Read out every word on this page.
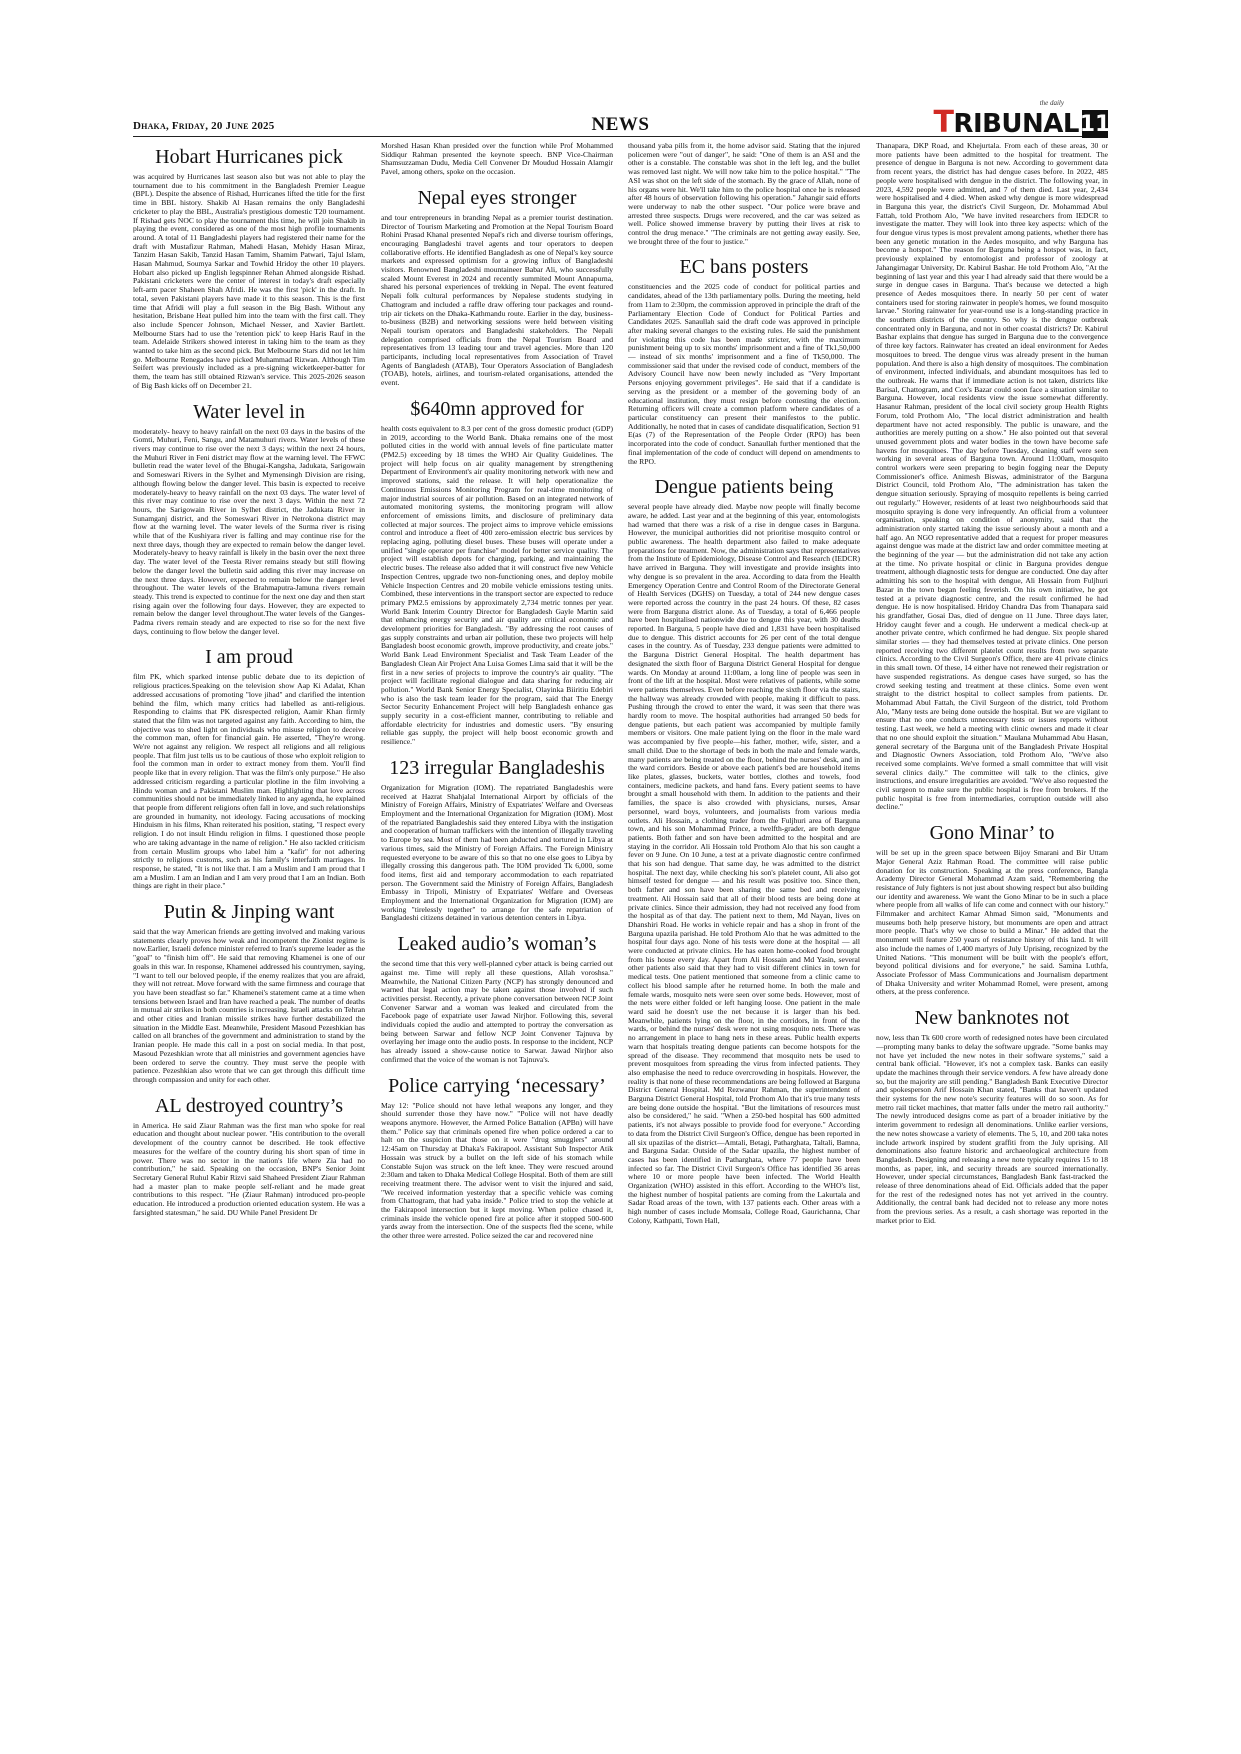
Dhaka, Friday, 20 June 2025	NEWS
the daily
TRIBUNAL 11
Hobart Hurricanes pick

was acquired by Hurricanes last season also but was not able to play the tournament due to his commitment in the Bangladesh Premier League (BPL). Despite the absence of Rishad, Hurricanes lifted the title for the first time in BBL history. Shakib Al Hasan remains the only Bangladeshi cricketer to play the BBL, Australia's prestigious domestic T20 tournament. If Rishad gets NOC to play the tournament this time, he will join Shakib in playing the event, considered as one of the most high profile tournaments around. A total of 11 Bangladeshi players had registered their name for the draft with Mustafizur Rahman, Mahedi Hasan, Mehidy Hasan Miraz, Tanzim Hasan Sakib, Tanzid Hasan Tamim, Shamim Patwari, Tajul Islam, Hasan Mahmud, Soumya Sarkar and Towhid Hridoy the other 10 players. Hobart also picked up English legspinner Rehan Ahmed alongside Rishad. Pakistani cricketers were the center of interest in today's draft especially left-arm pacer Shaheen Shah Afridi. He was the first 'pick' in the draft. In total, seven Pakistani players have made it to this season. This is the first time that Afridi will play a full season in the Big Bash. Without any hesitation, Brisbane Heat pulled him into the team with the first call. They also include Spencer Johnson, Michael Nesser, and Xavier Bartlett. Melbourne Stars had to use the 'retention pick' to keep Haris Rauf in the team. Adelaide Strikers showed interest in taking him to the team as they wanted to take him as the second pick. But Melbourne Stars did not let him go. Melbourne Renegades have picked Muhammad Rizwan. Although Tim Seifert was previously included as a pre-signing wicketkeeper-batter for them, the team has still obtained Rizwan's service. This 2025-2026 season of Big Bash kicks off on December 21.

Water level in

moderately- heavy to heavy rainfall on the next 03 days in the basins of the Gomti, Muhuri, Feni, Sangu, and Matamuhuri rivers. Water levels of these rivers may continue to rise over the next 3 days; within the next 24 hours, the Muhuri River in Feni district may flow at the warning level. The FFWC bulletin read the water level of the Bhugai-Kangsha, Jadukata, Sarigowain and Someswari Rivers in the Sylhet and Mymensingh Division are rising, although flowing below the danger level. This basin is expected to receive moderately-heavy to heavy rainfall on the next 03 days. The water level of this river may continue to rise over the next 3 days. Within the next 72 hours, the Sarigowain River in Sylhet district, the Jadukata River in Sunamganj district, and the Someswari River in Netrokona district may flow at the warning level. The water levels of the Surma river is rising while that of the Kushiyara river is falling and may continue rise for the next three days, though they are expected to remain below the danger level. Moderately-heavy to heavy rainfall is likely in the basin over the next three day. The water level of the Teesta River remains steady but still flowing below the danger level the bulletin said adding this river may increase on the next three days. However, expected to remain below the danger level throughout. The water levels of the Brahmaputra-Jamuna rivers remain steady. This trend is expected to continue for the next one day and then start rising again over the following four days. However, they are expected to remain below the danger level throughout.The water levels of the Ganges-Padma rivers remain steady and are expected to rise so for the next five days, continuing to flow below the danger level.

I am proud

film PK, which sparked intense public debate due to its depiction of religious practices.Speaking on the television show Aap Ki Adalat, Khan addressed accusations of promoting "love jihad" and clarified the intention behind the film, which many critics had labelled as anti-religious. Responding to claims that PK disrespected religion, Aamir Khan firmly stated that the film was not targeted against any faith. According to him, the objective was to shed light on individuals who misuse religion to deceive the common man, often for financial gain. He asserted, "They're wrong. We're not against any religion. We respect all religions and all religious people. That film just tells us to be cautious of those who exploit religion to fool the common man in order to extract money from them. You'll find people like that in every religion. That was the film's only purpose." He also addressed criticism regarding a particular plotline in the film involving a Hindu woman and a Pakistani Muslim man. Highlighting that love across communities should not be immediately linked to any agenda, he explained that people from different religions often fall in love, and such relationships are grounded in humanity, not ideology. Facing accusations of mocking Hinduism in his films, Khan reiterated his position, stating, "I respect every religion. I do not insult Hindu religion in films. I questioned those people who are taking advantage in the name of religion." He also tackled criticism from certain Muslim groups who label him a "kafir" for not adhering strictly to religious customs, such as his family's interfaith marriages. In response, he stated, "It is not like that. I am a Muslim and I am proud that I am a Muslim. I am an Indian and I am very proud that I am an Indian. Both things are right in their place."

Putin & Jinping want

said that the way American friends are getting involved and making various statements clearly proves how weak and incompetent the Zionist regime is now.Earlier, Israeli defence minister referred to Iran's supreme leader as the "goal" to "finish him off". He said that removing Khamenei is one of our goals in this war. In response, Khamenei addressed his countrymen, saying, "I want to tell our beloved people, if the enemy realizes that you are afraid, they will not retreat. Move forward with the same firmness and courage that you have been steadfast so far." Khamenei's statement came at a time when tensions between Israel and Iran have reached a peak. The number of deaths in mutual air strikes in both countries is increasing. Israeli attacks on Tehran and other cities and Iranian missile strikes have further destabilized the situation in the Middle East. Meanwhile, President Masoud Pezeshkian has called on all branches of the government and administration to stand by the Iranian people. He made this call in a post on social media. In that post, Masoud Pezeshkian wrote that all ministries and government agencies have been ordered to serve the country. They must serve the people with patience. Pezeshkian also wrote that we can get through this difficult time through compassion and unity for each other.

AL destroyed country’s

in America. He said Ziaur Rahman was the first man who spoke for real education and thought about nuclear power. "His contribution to the overall development of the country cannot be described. He took effective measures for the welfare of the country during his short span of time in power. There was no sector in the nation's life where Zia had no contribution," he said. Speaking on the occasion, BNP's Senior Joint Secretary General Ruhul Kabir Rizvi said Shaheed President Ziaur Rahman had a master plan to make people self-reliant and he made great contributions to this respect. "He (Ziaur Rahman) introduced pro-people education. He introduced a production oriented education system. He was a farsighted statesman," he said. DU While Panel President Dr

Morshed Hasan Khan presided over the function while Prof Mohammed Siddiqur Rahman presented the keynote speech. BNP Vice-Chairman Shamsuzzaman Dudu, Media Cell Convener Dr Moudud Hossain Alamgir Pavel, among others, spoke on the occasion.

Nepal eyes stronger

and tour entrepreneurs in branding Nepal as a premier tourist destination. Director of Tourism Marketing and Promotion at the Nepal Tourism Board Rohini Prasad Khanal presented Nepal's rich and diverse tourism offerings, encouraging Bangladeshi travel agents and tour operators to deepen collaborative efforts. He identified Bangladesh as one of Nepal's key source markets and expressed optimism for a growing influx of Bangladeshi visitors. Renowned Bangladeshi mountaineer Babar Ali, who successfully scaled Mount Everest in 2024 and recently summited Mount Annapurna, shared his personal experiences of trekking in Nepal. The event featured Nepali folk cultural performances by Nepalese students studying in Chattogram and included a raffle draw offering tour packages and round-trip air tickets on the Dhaka-Kathmandu route. Earlier in the day, business-to-business (B2B) and networking sessions were held between visiting Nepali tourism operators and Bangladeshi stakeholders. The Nepali delegation comprised officials from the Nepal Tourism Board and representatives from 13 leading tour and travel agencies. More than 120 participants, including local representatives from Association of Travel Agents of Bangladesh (ATAB), Tour Operators Association of Bangladesh (TOAB), hotels, airlines, and tourism-related organisations, attended the event.

$640mn approved for

health costs equivalent to 8.3 per cent of the gross domestic product (GDP) in 2019, according to the World Bank. Dhaka remains one of the most polluted cities in the world with annual levels of fine particulate matter (PM2.5) exceeding by 18 times the WHO Air Quality Guidelines. The project will help focus on air quality management by strengthening Department of Environment's air quality monitoring network with new and improved stations, said the release. It will help operationalize the Continuous Emissions Monitoring Program for real-time monitoring of major industrial sources of air pollution. Based on an integrated network of automated monitoring systems, the monitoring program will allow enforcement of emissions limits, and disclosure of preliminary data collected at major sources. The project aims to improve vehicle emissions control and introduce a fleet of 400 zero-emission electric bus services by replacing aging, polluting diesel buses. These buses will operate under a unified "single operator per franchise" model for better service quality. The project will establish depots for charging, parking, and maintaining the electric buses. The release also added that it will construct five new Vehicle Inspection Centres, upgrade two non-functioning ones, and deploy mobile Vehicle Inspection Centres and 20 mobile vehicle emissions testing units. Combined, these interventions in the transport sector are expected to reduce primary PM2.5 emissions by approximately 2,734 metric tonnes per year. World Bank Interim Country Director for Bangladesh Gayle Martin said that enhancing energy security and air quality are critical economic and development priorities for Bangladesh. "By addressing the root causes of gas supply constraints and urban air pollution, these two projects will help Bangladesh boost economic growth, improve productivity, and create jobs." World Bank Lead Environment Specialist and Task Team Leader of the Bangladesh Clean Air Project Ana Luisa Gomes Lima said that it will be the first in a new series of projects to improve the country's air quality. "The project will facilitate regional dialogue and data sharing for reducing air pollution." World Bank Senior Energy Specialist, Olayinka Biiritiu Edebiri who is also the task team leader for the program, said that The Energy Sector Security Enhancement Project will help Bangladesh enhance gas supply security in a cost-efficient manner, contributing to reliable and affordable electricity for industries and domestic users. "By ensuring reliable gas supply, the project will help boost economic growth and resilience."

123 irregular Bangladeshis

Organization for Migration (IOM). The repatriated Bangladeshis were received at Hazrat Shahjalal International Airport by officials of the Ministry of Foreign Affairs, Ministry of Expatriates' Welfare and Overseas Employment and the International Organization for Migration (IOM). Most of the repatriated Bangladeshis said they entered Libya with the instigation and cooperation of human traffickers with the intention of illegally traveling to Europe by sea. Most of them had been abducted and tortured in Libya at various times, said the Ministry of Foreign Affairs. The Foreign Ministry requested everyone to be aware of this so that no one else goes to Libya by illegally crossing this dangerous path. The IOM provided Tk 6,000, some food items, first aid and temporary accommodation to each repatriated person. The Government said the Ministry of Foreign Affairs, Bangladesh Embassy in Tripoli, Ministry of Expatriates' Welfare and Overseas Employment and the International Organization for Migration (IOM) are working "tirelessly together" to arrange for the safe repatriation of Bangladeshi citizens detained in various detention centers in Libya.

Leaked audio’s woman’s

the second time that this very well-planned cyber attack is being carried out against me. Time will reply all these questions, Allah voroshsa." Meanwhile, the National Citizen Party (NCP) has strongly denounced and warned that legal action may be taken against those involved if such activities persist. Recently, a private phone conversation between NCP Joint Convener Sarwar and a woman was leaked and circulated from the Facebook page of expatriate user Jawad Nirjhor. Following this, several individuals copied the audio and attempted to portray the conversation as being between Sarwar and fellow NCP Joint Convener Tajnuva by overlaying her image onto the audio posts. In response to the incident, NCP has already issued a show-cause notice to Sarwar. Jawad Nirjhor also confirmed that the voice of the woman is not Tajnuva's.

Police carrying ‘necessary’

May 12: "Police should not have lethal weapons any longer, and they should surrender those they have now." "Police will not have deadly weapons anymore. However, the Armed Police Battalion (APBn) will have them." Police say that criminals opened fire when police ordered a car to halt on the suspicion that those on it were "drug smugglers" around 12:45am on Thursday at Dhaka's Fakirapool. Assistant Sub Inspector Atik Hossain was struck by a bullet on the left side of his stomach while Constable Sujon was struck on the left knee. They were rescued around 2:30am and taken to Dhaka Medical College Hospital. Both of them are still receiving treatment there. The advisor went to visit the injured and said, "We received information yesterday that a specific vehicle was coming from Chattogram, that had yaba inside." Police tried to stop the vehicle at the Fakirapool intersection but it kept moving. When police chased it, criminals inside the vehicle opened fire at police after it stopped 500-600 yards away from the intersection. One of the suspects fled the scene, while the other three were arrested. Police seized the car and recovered nine

thousand yaba pills from it, the home advisor said. Stating that the injured policemen were "out of danger", he said: "One of them is an ASI and the other is a constable. The constable was shot in the left leg, and the bullet was removed last night. We will now take him to the police hospital." "The ASI was shot on the left side of the stomach. By the grace of Allah, none of his organs were hit. We'll take him to the police hospital once he is released after 48 hours of observation following his operation." Jahangir said efforts were underway to nab the other suspect. "Our police were brave and arrested three suspects. Drugs were recovered, and the car was seized as well. Police showed immense bravery by putting their lives at risk to control the drug menace." "The criminals are not getting away easily. See, we brought three of the four to justice."

EC bans posters

constituencies and the 2025 code of conduct for political parties and candidates, ahead of the 13th parliamentary polls. During the meeting, held from 11am to 2:30pm, the commission approved in principle the draft of the Parliamentary Election Code of Conduct for Political Parties and Candidates 2025. Sanaullah said the draft code was approved in principle after making several changes to the existing rules. He said the punishment for violating this code has been made stricter, with the maximum punishment being up to six months' imprisonment and a fine of Tk1,50,000 — instead of six months' imprisonment and a fine of Tk50,000. The commissioner said that under the revised code of conduct, members of the Advisory Council have now been newly included as "Very Important Persons enjoying government privileges". He said that if a candidate is serving as the president or a member of the governing body of an educational institution, they must resign before contesting the election. Returning officers will create a common platform where candidates of a particular constituency can present their manifestos to the public. Additionally, he noted that in cases of candidate disqualification, Section 91 E(as (7) of the Representation of the People Order (RPO) has been incorporated into the code of conduct. Sanaullah further mentioned that the final implementation of the code of conduct will depend on amendments to the RPO.

Dengue patients being

several people have already died. Maybe now people will finally become aware, he added. Last year and at the beginning of this year, entomologists had warned that there was a risk of a rise in dengue cases in Barguna. However, the municipal authorities did not prioritise mosquito control or public awareness. The health department also failed to make adequate preparations for treatment. Now, the administration says that representatives from the Institute of Epidemiology, Disease Control and Research (IEDCR) have arrived in Barguna. They will investigate and provide insights into why dengue is so prevalent in the area. According to data from the Health Emergency Operation Centre and Control Room of the Directorate General of Health Services (DGHS) on Tuesday, a total of 244 new dengue cases were reported across the country in the past 24 hours. Of these, 82 cases were from Barguna district alone. As of Tuesday, a total of 6,466 people have been hospitalised nationwide due to dengue this year, with 30 deaths reported. In Barguna, 5 people have died and 1,831 have been hospitalised due to dengue. This district accounts for 26 per cent of the total dengue cases in the country. As of Tuesday, 233 dengue patients were admitted to the Barguna District General Hospital. The health department has designated the sixth floor of Barguna District General Hospital for dengue wards. On Monday at around 11:00am, a long line of people was seen in front of the lift at the hospital. Most were relatives of patients, while some were patients themselves. Even before reaching the sixth floor via the stairs, the hallway was already crowded with people, making it difficult to pass. Pushing through the crowd to enter the ward, it was seen that there was hardly room to move. The hospital authorities had arranged 50 beds for dengue patients, but each patient was accompanied by multiple family members or visitors. One male patient lying on the floor in the male ward was accompanied by five people—his father, mother, wife, sister, and a small child. Due to the shortage of beds in both the male and female wards, many patients are being treated on the floor, behind the nurses' desk, and in the ward corridors. Beside or above each patient's bed are household items like plates, glasses, buckets, water bottles, clothes and towels, food containers, medicine packets, and hand fans. Every patient seems to have brought a small household with them. In addition to the patients and their families, the space is also crowded with physicians, nurses, Ansar personnel, ward boys, volunteers, and journalists from various media outlets. Ali Hossain, a clothing trader from the Fuljhuri area of Barguna town, and his son Mohammad Prince, a twelfth-grader, are both dengue patients. Both father and son have been admitted to the hospital and are staying in the corridor. Ali Hossain told Prothom Alo that his son caught a fever on 9 June. On 10 June, a test at a private diagnostic centre confirmed that his son had dengue. That same day, he was admitted to the district hospital. The next day, while checking his son's platelet count, Ali also got himself tested for dengue — and his result was positive too. Since then, both father and son have been sharing the same bed and receiving treatment. Ali Hossain said that all of their blood tests are being done at private clinics. Since their admission, they had not received any food from the hospital as of that day. The patient next to them, Md Nayan, lives on Dhanshiri Road. He works in vehicle repair and has a shop in front of the Barguna upazila parishad. He told Prothom Alo that he was admitted to the hospital four days ago. None of his tests were done at the hospital — all were conducted at private clinics. He has eaten home-cooked food brought from his house every day. Apart from Ali Hossain and Md Yasin, several other patients also said that they had to visit different clinics in town for medical tests. One patient mentioned that someone from a clinic came to collect his blood sample after he returned home. In both the male and female wards, mosquito nets were seen over some beds. However, most of the nets were either folded or left hanging loose. One patient in the male ward said he doesn't use the net because it is larger than his bed. Meanwhile, patients lying on the floor, in the corridors, in front of the wards, or behind the nurses' desk were not using mosquito nets. There was no arrangement in place to hang nets in these areas. Public health experts warn that hospitals treating dengue patients can become hotspots for the spread of the disease. They recommend that mosquito nets be used to prevent mosquitoes from spreading the virus from infected patients. They also emphasise the need to reduce overcrowding in hospitals. However, the reality is that none of these recommendations are being followed at Barguna District General Hospital. Md Rezwanur Rahman, the superintendent of Barguna District General Hospital, told Prothom Alo that it's true many tests are being done outside the hospital. "But the limitations of resources must also be considered," he said. "When a 250-bed hospital has 600 admitted patients, it's not always possible to provide food for everyone." According to data from the District Civil Surgeon's Office, dengue has been reported in all six upazilas of the district—Amtali, Betagi, Patharghata, Taltali, Bamna, and Barguna Sadar. Outside of the Sadar upazila, the highest number of cases has been identified in Patharghata, where 77 people have been infected so far. The District Civil Surgeon's Office has identified 36 areas where 10 or more people have been infected. The World Health Organization (WHO) assisted in this effort. According to the WHO's list, the highest number of hospital patients are coming from the Lakurtala and Sadar Road areas of the town, with 137 patients each. Other areas with a high number of cases include Momsala, College Road, Gaurichanna, Char Colony, Kathpatti, Town Hall,

Thanapara, DKP Road, and Khejurtala. From each of these areas, 30 or more patients have been admitted to the hospital for treatment. The presence of dengue in Barguna is not new. According to government data from recent years, the district has had dengue cases before. In 2022, 485 people were hospitalised with dengue in the district. The following year, in 2023, 4,592 people were admitted, and 7 of them died. Last year, 2,434 were hospitalised and 4 died. When asked why dengue is more widespread in Barguna this year, the district's Civil Surgeon, Dr. Mohammad Abul Fattah, told Prothom Alo, "We have invited researchers from IEDCR to investigate the matter. They will look into three key aspects: which of the four dengue virus types is most prevalent among patients, whether there has been any genetic mutation in the Aedes mosquito, and why Barguna has become a hotspot." The reason for Barguna being a hotspot was, in fact, previously explained by entomologist and professor of zoology at Jahangirnagar University, Dr. Kabirul Bashar. He told Prothom Alo, "At the beginning of last year and this year I had already said that there would be a surge in dengue cases in Barguna. That's because we detected a high presence of Aedes mosquitoes there. In nearly 50 per cent of water containers used for storing rainwater in people's homes, we found mosquito larvae." Storing rainwater for year-round use is a long-standing practice in the southern districts of the country. So why is the dengue outbreak concentrated only in Barguna, and not in other coastal districts? Dr. Kabirul Bashar explains that dengue has surged in Barguna due to the convergence of three key factors. Rainwater has created an ideal environment for Aedes mosquitoes to breed. The dengue virus was already present in the human population. And there is also a high density of mosquitoes. The combination of environment, infected individuals, and abundant mosquitoes has led to the outbreak. He warns that if immediate action is not taken, districts like Barisal, Chattogram, and Cox's Bazar could soon face a situation similar to Barguna. However, local residents view the issue somewhat differently. Hasanur Rahman, president of the local civil society group Health Rights Forum, told Prothom Alo, "The local district administration and health department have not acted responsibly. The public is unaware, and the authorities are merely putting on a show." He also pointed out that several unused government plots and water bodies in the town have become safe havens for mosquitoes. The day before Tuesday, cleaning staff were seen working in several areas of Barguna town. Around 11:00am, mosquito control workers were seen preparing to begin fogging near the Deputy Commissioner's office. Animesh Biswas, administrator of the Barguna District Council, told Prothom Alo, "The administration has taken the dengue situation seriously. Spraying of mosquito repellents is being carried out regularly." However, residents of at least two neighbourhoods said that mosquito spraying is done very infrequently. An official from a volunteer organisation, speaking on condition of anonymity, said that the administration only started taking the issue seriously about a month and a half ago. An NGO representative added that a request for proper measures against dengue was made at the district law and order committee meeting at the beginning of the year — but the administration did not take any action at the time. No private hospital or clinic in Barguna provides dengue treatment, although diagnostic tests for dengue are conducted. One day after admitting his son to the hospital with dengue, Ali Hossain from Fuljhuri Bazar in the town began feeling feverish. On his own initiative, he got tested at a private diagnostic centre, and the result confirmed he had dengue. He is now hospitalised. Hridoy Chandra Das from Thanapara said his grandfather, Gosai Das, died of dengue on 11 June. Three days later, Hridoy caught fever and a cough. He underwent a medical check-up at another private centre, which confirmed he had dengue. Six people shared similar stories — they had themselves tested at private clinics. One person reported receiving two different platelet count results from two separate clinics. According to the Civil Surgeon's Office, there are 41 private clinics in this small town. Of these, 14 either have not renewed their registration or have suspended registrations. As dengue cases have surged, so has the crowd seeking testing and treatment at these clinics. Some even went straight to the district hospital to collect samples from patients. Dr. Mohammad Abul Fattah, the Civil Surgeon of the district, told Prothom Alo, "Many tests are being done outside the hospital. But we are vigilant to ensure that no one conducts unnecessary tests or issues reports without testing. Last week, we held a meeting with clinic owners and made it clear that no one should exploit the situation." Maulana Muhammad Abu Hasan, general secretary of the Barguna unit of the Bangladesh Private Hospital and Diagnostic Owners Association, told Prothom Alo, "We've also received some complaints. We've formed a small committee that will visit several clinics daily." The committee will talk to the clinics, give instructions, and ensure irregularities are avoided. "We've also requested the civil surgeon to make sure the public hospital is free from brokers. If the public hospital is free from intermediaries, corruption outside will also decline."

Gono Minar’ to

will be set up in the green space between Bijoy Smarani and Bir Uttam Major General Aziz Rahman Road. The committee will raise public donation for its construction. Speaking at the press conference, Bangla Academy Director General Mohammad Azam said, "Remembering the resistance of July fighters is not just about showing respect but also building our identity and awareness. We want the Gono Minar to be in such a place where people from all walks of life can come and connect with our history." Filmmaker and architect Kamar Ahmad Simon said, "Monuments and museums both help preserve history, but monuments are open and attract more people. That's why we chose to build a Minar." He added that the monument will feature 250 years of resistance history of this land. It will also include the names of 1,400 martyrs of July Uprising, recognized by the United Nations. "This monument will be built with the people's effort, beyond political divisions and for everyone," he said. Samina Luthfa, Associate Professor of Mass Communications and Journalism department of Dhaka University and writer Mohammad Romel, were present, among others, at the press conference.

New banknotes not

now, less than Tk 600 crore worth of redesigned notes have been circulated—prompting many banks to delay the software upgrade. "Some banks may not have yet included the new notes in their software systems," said a central bank official. "However, it's not a complex task. Banks can easily update the machines through their service vendors. A few have already done so, but the majority are still pending." Bangladesh Bank Executive Director and spokesperson Arif Hossain Khan stated, "Banks that haven't updated their systems for the new note's security features will do so soon. As for metro rail ticket machines, that matter falls under the metro rail authority." The newly introduced designs come as part of a broader initiative by the interim government to redesign all denominations. Unlike earlier versions, the new notes showcase a variety of elements. The 5, 10, and 200 taka notes include artwork inspired by student graffiti from the July uprising. All denominations also feature historic and archaeological architecture from Bangladesh. Designing and releasing a new note typically requires 15 to 18 months, as paper, ink, and security threads are sourced internationally. However, under special circumstances, Bangladesh Bank fast-tracked the release of three denominations ahead of Eid. Officials added that the paper for the rest of the redesigned notes has not yet arrived in the country. Additionally, the central bank had decided not to release any more notes from the previous series. As a result, a cash shortage was reported in the market prior to Eid.
